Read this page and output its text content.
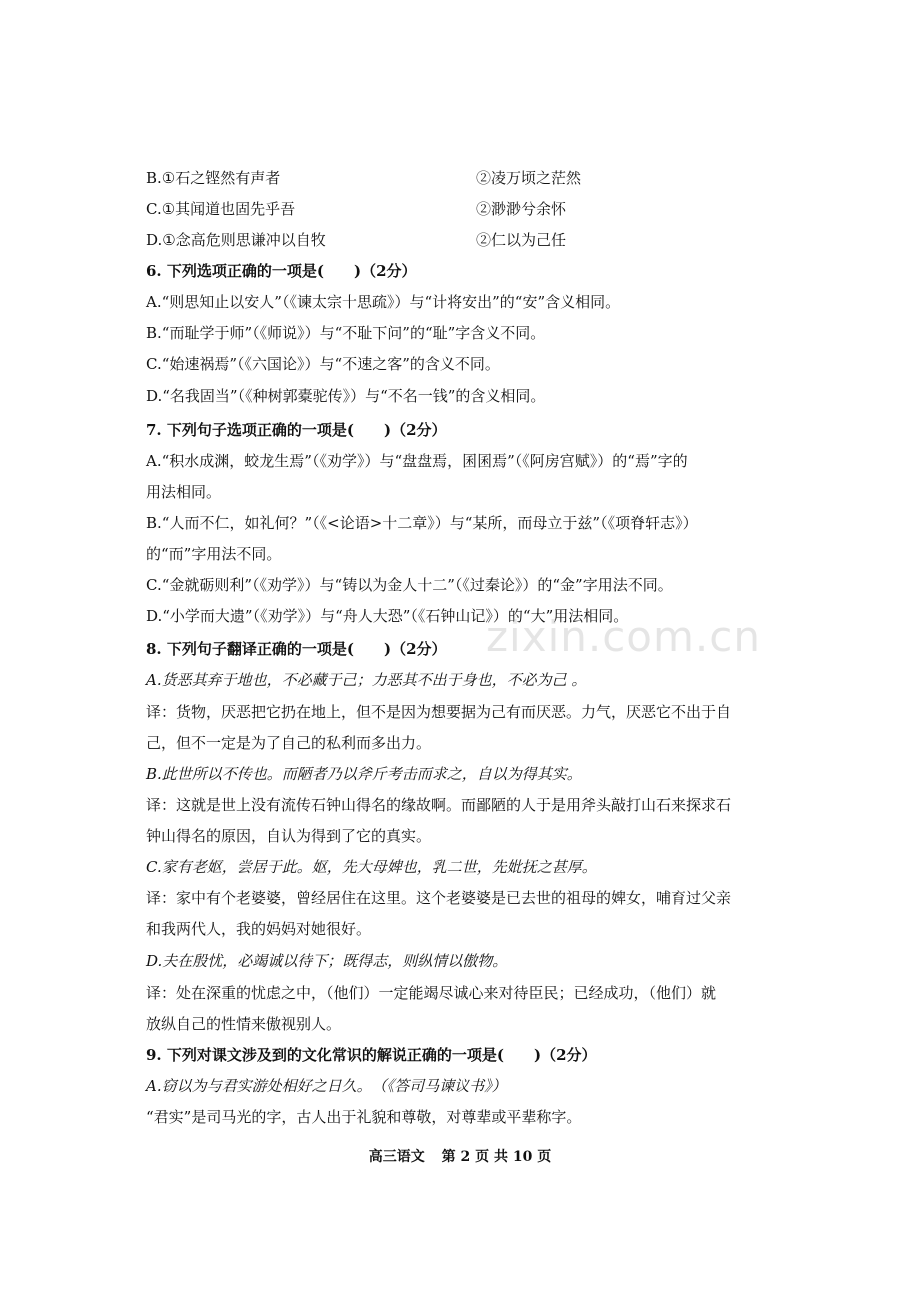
B.①石之铿然有声者	②凌万顷之茫然
C.①其闻道也固先乎吾	②渺渺兮余怀
D.①念高危则思谦冲以自牧	②仁以为己任
6. 下列选项正确的一项是(　　)（2分）
A.“则思知止以安人”（《谏太宗十思疏》）与“计将安出”的“安”含义相同。
B.“而耻学于师”（《师说》）与“不耻下问”的“耻”字含义不同。
C.“始速祸焉”（《六国论》）与“不速之客”的含义不同。
D.“名我固当”（《种树郭橐驼传》）与“不名一钱”的含义相同。
7. 下列句子选项正确的一项是(　　)（2分）
A.“积水成渊，蛟龙生焉”（《劝学》）与“盘盘焉，囷囷焉”（《阿房宫赋》）的“焉”字的
用法相同。
B.“人而不仁，如礼何？”（《<论语>十二章》）与“某所，而母立于兹”（《项脊轩志》）
的“而”字用法不同。
C.“金就砺则利”（《劝学》）与“铸以为金人十二”（《过秦论》）的“金”字用法不同。
D.“小学而大遗”（《劝学》）与“舟人大恐”（《石钟山记》）的“大”用法相同。
8. 下列句子翻译正确的一项是(　　)（2分）
A.货恶其弃于地也，不必藏于己；力恶其不出于身也，不必为己 。
译：货物，厌恶把它扔在地上，但不是因为想要据为己有而厌恶。力气，厌恶它不出于自
己，但不一定是为了自己的私利而多出力。
B.此世所以不传也。而陋者乃以斧斤考击而求之，自以为得其实。
译：这就是世上没有流传石钟山得名的缘故啊。而鄙陋的人于是用斧头敲打山石来探求石
钟山得名的原因，自认为得到了它的真实。
C.家有老妪，尝居于此。妪，先大母婢也，乳二世，先妣抚之甚厚。
译：家中有个老婆婆，曾经居住在这里。这个老婆婆是已去世的祖母的婢女，哺育过父亲
和我两代人，我的妈妈对她很好。
D.夫在殷忧，必竭诚以待下；既得志，则纵情以傲物。
译：处在深重的忧虑之中，（他们）一定能竭尽诚心来对待臣民；已经成功，（他们）就
放纵自己的性情来傲视别人。
9. 下列对课文涉及到的文化常识的解说正确的一项是(　　)（2分）
A.窃以为与君实游处相好之日久。　（《答司马谏议书》）
“君实”是司马光的字，古人出于礼貌和尊敬，对尊辈或平辈称字。
高三语文 第 2 页 共 10 页
zixin.com.cn
